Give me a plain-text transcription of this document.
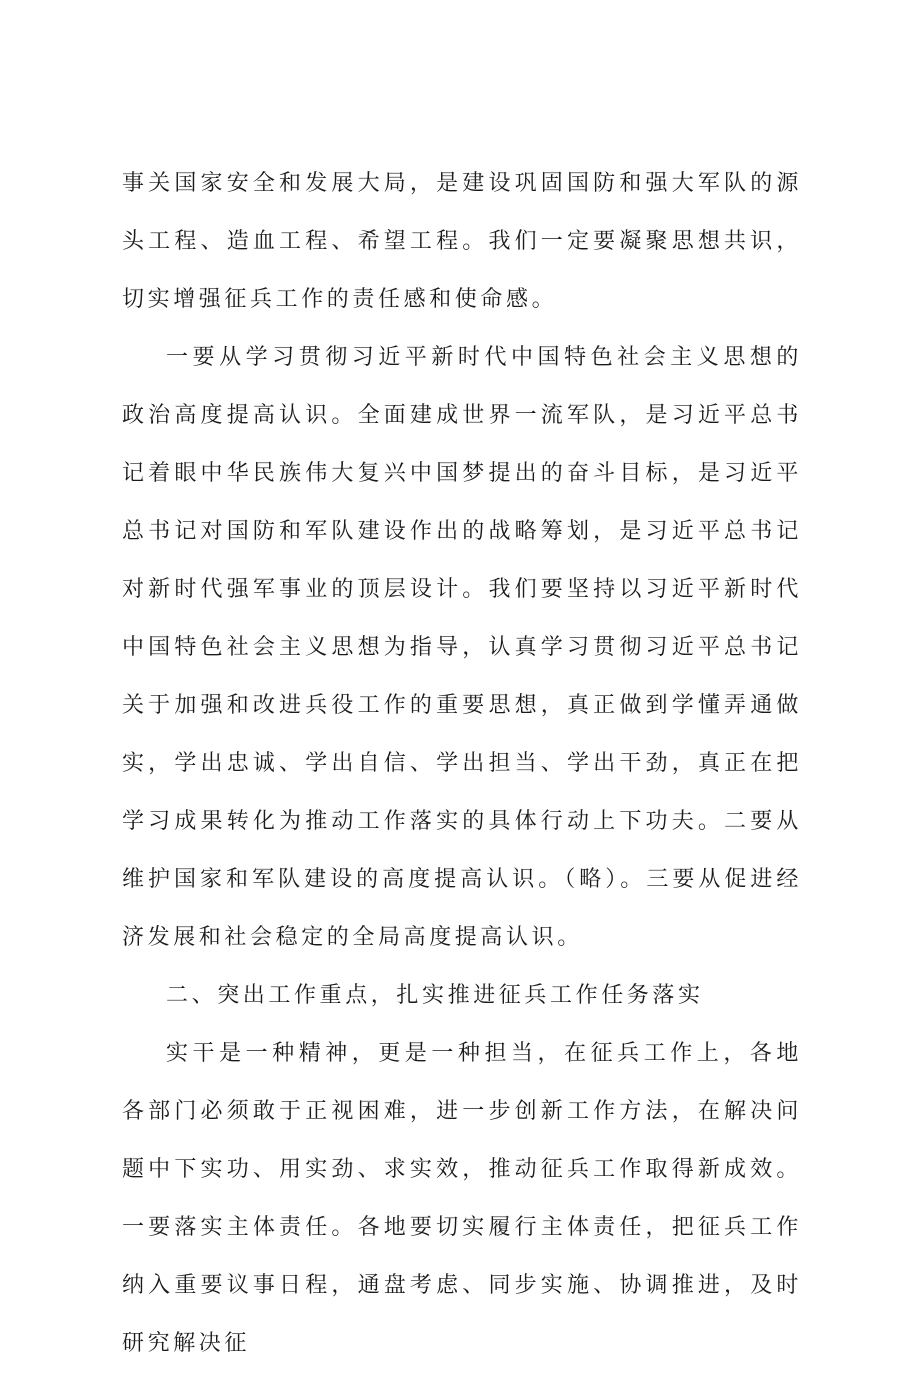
事关国家安全和发展大局，是建设巩固国防和强大军队的源头工程、造血工程、希望工程。我们一定要凝聚思想共识，切实增强征兵工作的责任感和使命感。

一要从学习贯彻习近平新时代中国特色社会主义思想的政治高度提高认识。全面建成世界一流军队，是习近平总书记着眼中华民族伟大复兴中国梦提出的奋斗目标，是习近平总书记对国防和军队建设作出的战略筹划，是习近平总书记对新时代强军事业的顶层设计。我们要坚持以习近平新时代中国特色社会主义思想为指导，认真学习贯彻习近平总书记关于加强和改进兵役工作的重要思想，真正做到学懂弄通做实，学出忠诚、学出自信、学出担当、学出干劲，真正在把学习成果转化为推动工作落实的具体行动上下功夫。二要从维护国家和军队建设的高度提高认识。（略）。三要从促进经济发展和社会稳定的全局高度提高认识。

二、突出工作重点，扎实推进征兵工作任务落实

实干是一种精神，更是一种担当，在征兵工作上，各地各部门必须敢于正视困难，进一步创新工作方法，在解决问题中下实功、用实劲、求实效，推动征兵工作取得新成效。一要落实主体责任。各地要切实履行主体责任，把征兵工作纳入重要议事日程，通盘考虑、同步实施、协调推进，及时研究解决征
